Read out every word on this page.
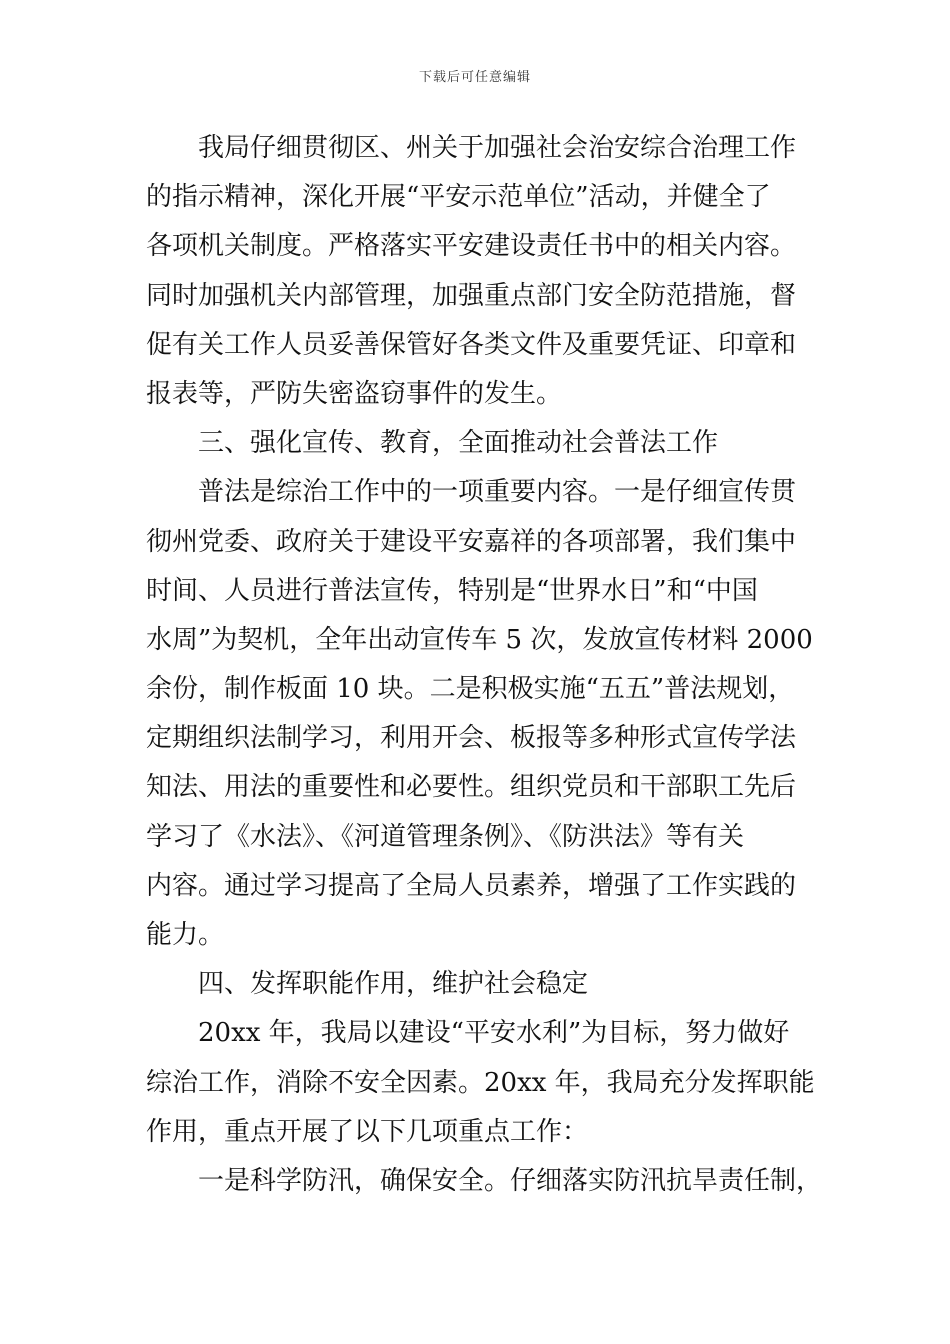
下载后可任意编辑
我局仔细贯彻区、州关于加强社会治安综合治理工作
的指示精神，深化开展“平安示范单位”活动，并健全了
各项机关制度。严格落实平安建设责任书中的相关内容。
同时加强机关内部管理，加强重点部门安全防范措施，督
促有关工作人员妥善保管好各类文件及重要凭证、印章和
报表等，严防失密盗窃事件的发生。
三、强化宣传、教育，全面推动社会普法工作
普法是综治工作中的一项重要内容。一是仔细宣传贯
彻州党委、政府关于建设平安嘉祥的各项部署，我们集中
时间、人员进行普法宣传，特别是“世界水日”和“中国
水周”为契机，全年出动宣传车 5 次，发放宣传材料 2000
余份，制作板面 10 块。二是积极实施“五五”普法规划，
定期组织法制学习，利用开会、板报等多种形式宣传学法
知法、用法的重要性和必要性。组织党员和干部职工先后
学习了《水法》、《河道管理条例》、《防洪法》等有关
内容。通过学习提高了全局人员素养，增强了工作实践的
能力。
四、发挥职能作用，维护社会稳定
20xx 年，我局以建设“平安水利”为目标，努力做好
综治工作，消除不安全因素。20xx 年，我局充分发挥职能
作用，重点开展了以下几项重点工作：
一是科学防汛，确保安全。仔细落实防汛抗旱责任制，
